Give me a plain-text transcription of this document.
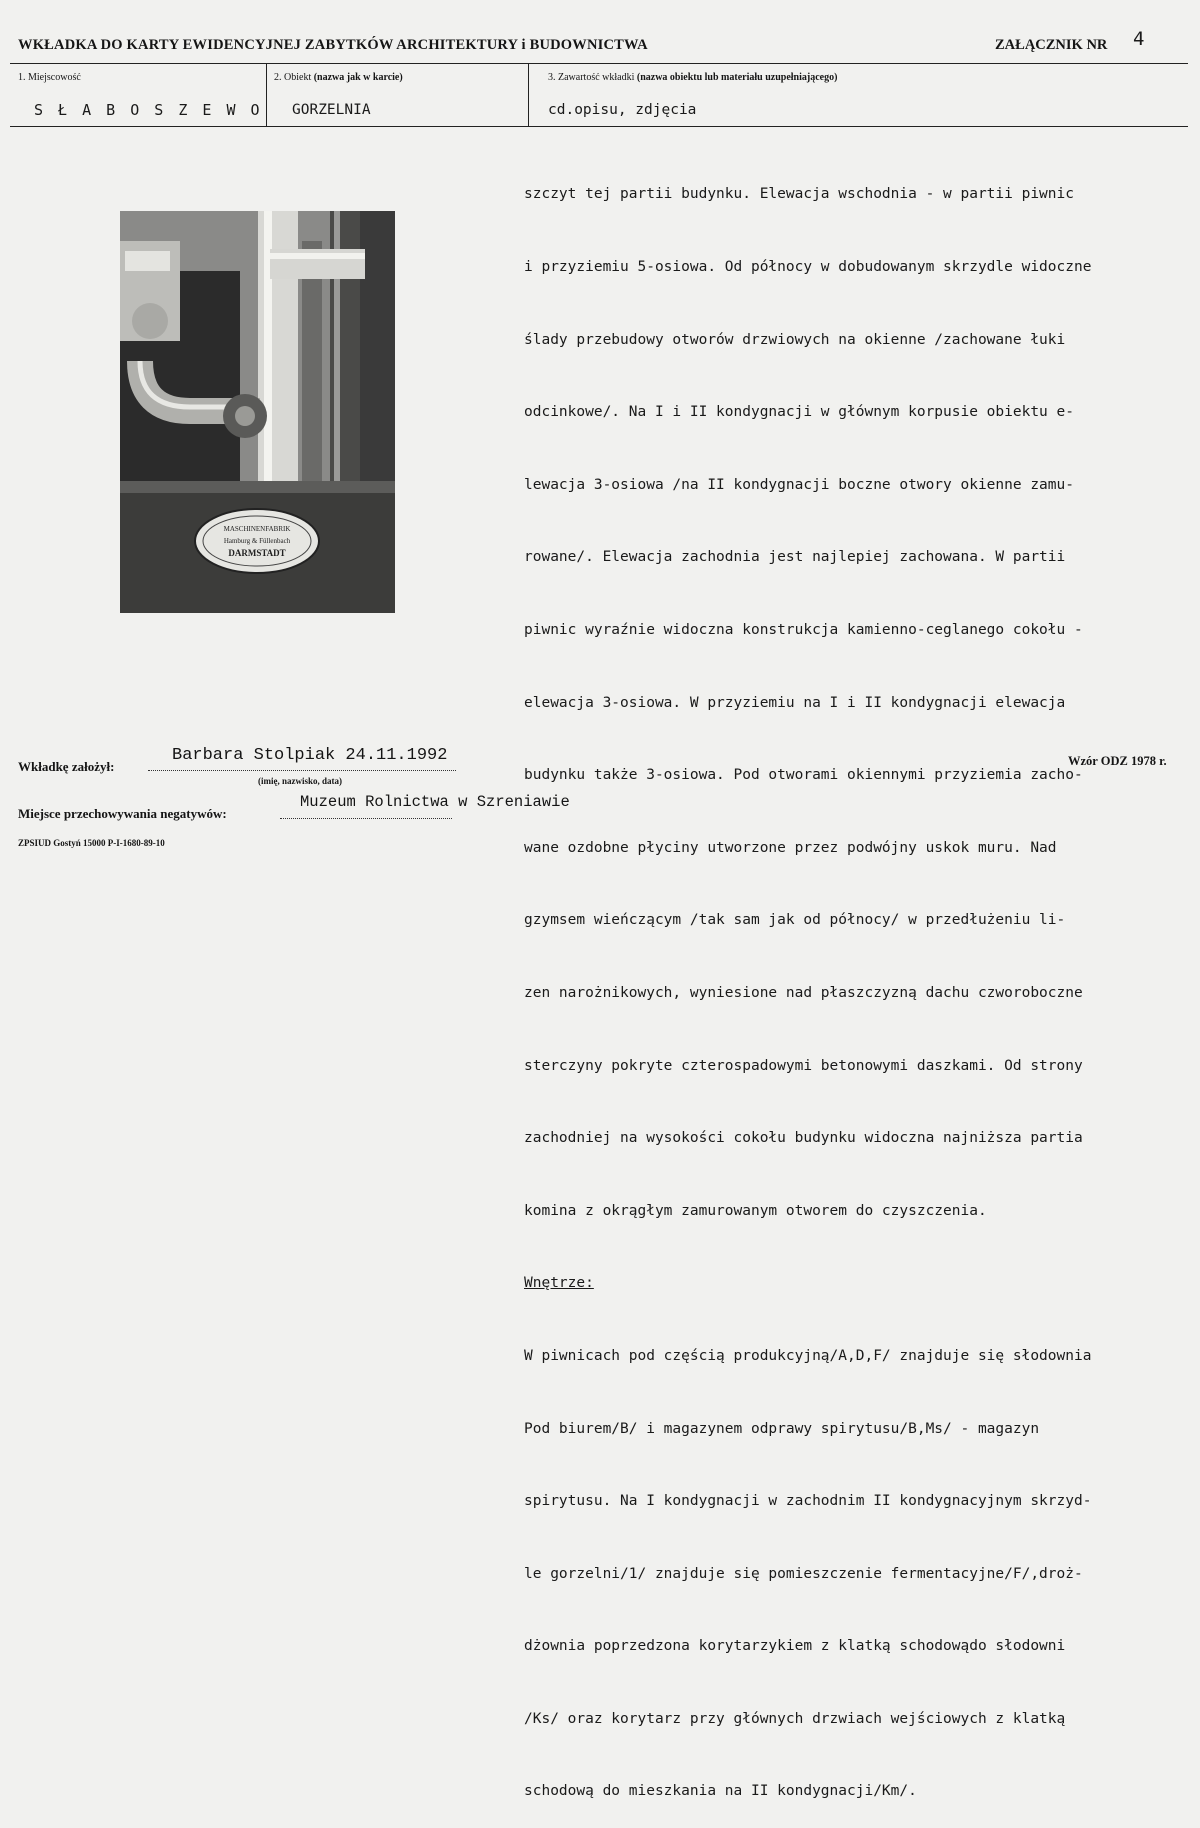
WKŁADKA DO KARTY EWIDENCYJNEJ ZABYTKÓW ARCHITEKTURY i BUDOWNICTWA	ZAŁĄCZNIK NR 4
1. Miejscowość
S Ł A B O S Z E W O
2. Obiekt (nazwa jak w karcie)
GORZELNIA
3. Zawartość wkładki (nazwa obiektu lub materiału uzupełniającego)
cd.opisu, zdjęcia

szczyt tej partii budynku. Elewacja wschodnia - w partii piwnic

i przyziemiu 5-osiowa. Od północy w dobudowanym skrzydle widoczne

ślady przebudowy otworów drzwiowych na okienne /zachowane łuki

odcinkowe/. Na I i II kondygnacji w głównym korpusie obiektu e-

lewacja 3-osiowa /na II kondygnacji boczne otwory okienne zamu-

rowane/. Elewacja zachodnia jest najlepiej zachowana. W partii

piwnic wyraźnie widoczna konstrukcja kamienno-ceglanego cokołu -

elewacja 3-osiowa. W przyziemiu na I i II kondygnacji elewacja

budynku także 3-osiowa. Pod otworami okiennymi przyziemia zacho-

wane ozdobne płyciny utworzone przez podwójny uskok muru. Nad

gzymsem wieńczącym /tak sam jak od północy/ w przedłużeniu li-

zen narożnikowych, wyniesione nad płaszczyzną dachu czworoboczne

sterczyny pokryte czterospadowymi betonowymi daszkami. Od strony

zachodniej na wysokości cokołu budynku widoczna najniższa partia

komina z okrągłym zamurowanym otworem do czyszczenia.

Wnętrze:

W piwnicach pod częścią produkcyjną/A,D,F/ znajduje się słodownia

Pod biurem/B/ i magazynem odprawy spirytusu/B,Ms/ - magazyn

spirytusu. Na I kondygnacji w zachodnim II kondygnacyjnym skrzyd-

le gorzelni/1/ znajduje się pomieszczenie fermentacyjne/F/,droż-

dżownia poprzedzona korytarzykiem z klatką schodowądo słodowni

/Ks/ oraz korytarz przy głównych drzwiach wejściowych z klatką

schodową do mieszkania na II kondygnacji/Km/.

MASCHINENFABRIK
Hamburg & Füllenbach
DARMSTADT
Wkładkę założył:
Barbara Stolpiak 24.11.1992
(imię, nazwisko, data)
Miejsce przechowywania negatywów:
Muzeum Rolnictwa w Szreniawie
Wzór ODZ 1978 r.
ZPSIUD Gostyń 15000 P-I-1680-89-10
